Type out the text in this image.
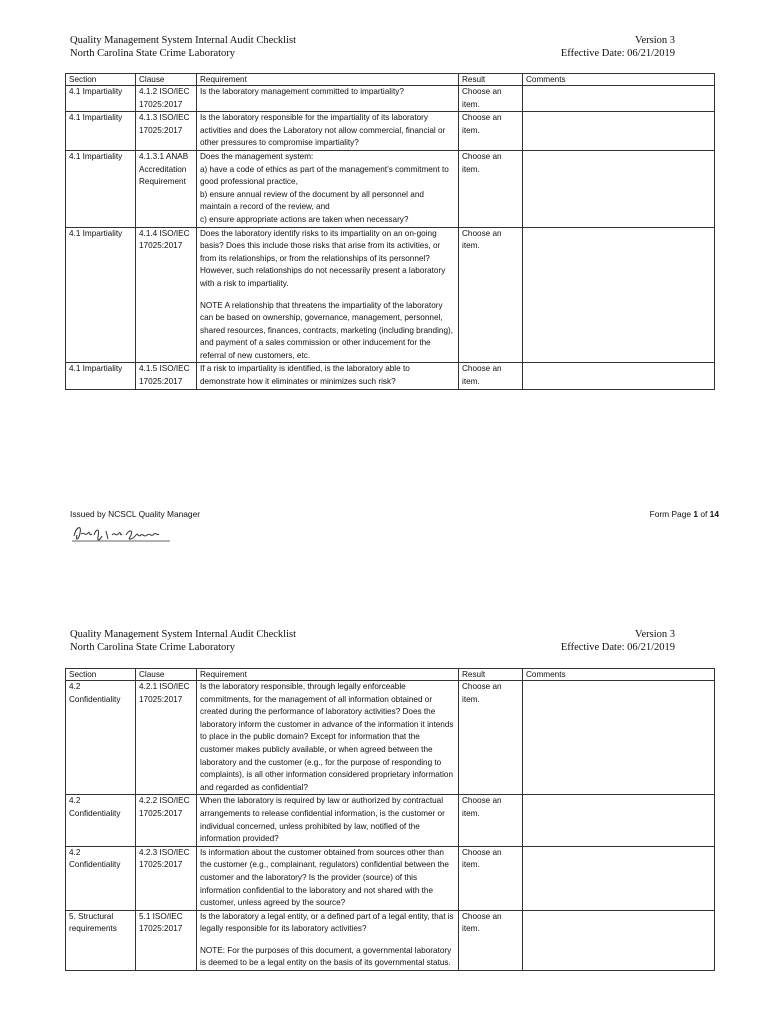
Quality Management System Internal Audit Checklist	Version 3
North Carolina State Crime Laboratory	Effective Date: 06/21/2019
Section	Clause	Requirement	Result	Comments
4.1 Impartiality	4.1.2 ISO/IEC 17025:2017	Is the laboratory management committed to impartiality?	Choose an item.	
4.1 Impartiality	4.1.3 ISO/IEC 17025:2017	Is the laboratory responsible for the impartiality of its laboratory activities and does the Laboratory not allow commercial, financial or other pressures to compromise impartiality?	Choose an item.	
4.1 Impartiality	4.1.3.1 ANAB Accreditation Requirement	Does the management system:
a) have a code of ethics as part of the management’s commitment to good professional practice,
b) ensure annual review of the document by all personnel and maintain a record of the review, and
c) ensure appropriate actions are taken when necessary?	Choose an item.	
4.1 Impartiality	4.1.4 ISO/IEC 17025:2017	Does the laboratory identify risks to its impartiality on an on-going basis? Does this include those risks that arise from its activities, or from its relationships, or from the relationships of its personnel? However, such relationships do not necessarily present a laboratory with a risk to impartiality.
NOTE A relationship that threatens the impartiality of the laboratory can be based on ownership, governance, management, personnel, shared resources, finances, contracts, marketing (including branding), and payment of a sales commission or other inducement for the referral of new customers, etc.	Choose an item.	
4.1 Impartiality	4.1.5 ISO/IEC 17025:2017	If a risk to impartiality is identified, is the laboratory able to demonstrate how it eliminates or minimizes such risk?	Choose an item.	
Issued by NCSCL Quality Manager	Form Page 1 of 14
Quality Management System Internal Audit Checklist	Version 3
North Carolina State Crime Laboratory	Effective Date: 06/21/2019
Section	Clause	Requirement	Result	Comments
4.2 Confidentiality	4.2.1 ISO/IEC 17025:2017	Is the laboratory responsible, through legally enforceable commitments, for the management of all information obtained or created during the performance of laboratory activities? Does the laboratory inform the customer in advance of the information it intends to place in the public domain? Except for information that the customer makes publicly available, or when agreed between the laboratory and the customer (e.g., for the purpose of responding to complaints), is all other information considered proprietary information and regarded as confidential?	Choose an item.	
4.2 Confidentiality	4.2.2 ISO/IEC 17025:2017	When the laboratory is required by law or authorized by contractual arrangements to release confidential information, is the customer or individual concerned, unless prohibited by law, notified of the information provided?	Choose an item.	
4.2 Confidentiality	4.2.3 ISO/IEC 17025:2017	Is information about the customer obtained from sources other than the customer (e.g., complainant, regulators) confidential between the customer and the laboratory? Is the provider (source) of this information confidential to the laboratory and not shared with the customer, unless agreed by the source?	Choose an item.	
5. Structural requirements	5.1 ISO/IEC 17025:2017	Is the laboratory a legal entity, or a defined part of a legal entity, that is legally responsible for its laboratory activities?
NOTE: For the purposes of this document, a governmental laboratory is deemed to be a legal entity on the basis of its governmental status.	Choose an item.	
